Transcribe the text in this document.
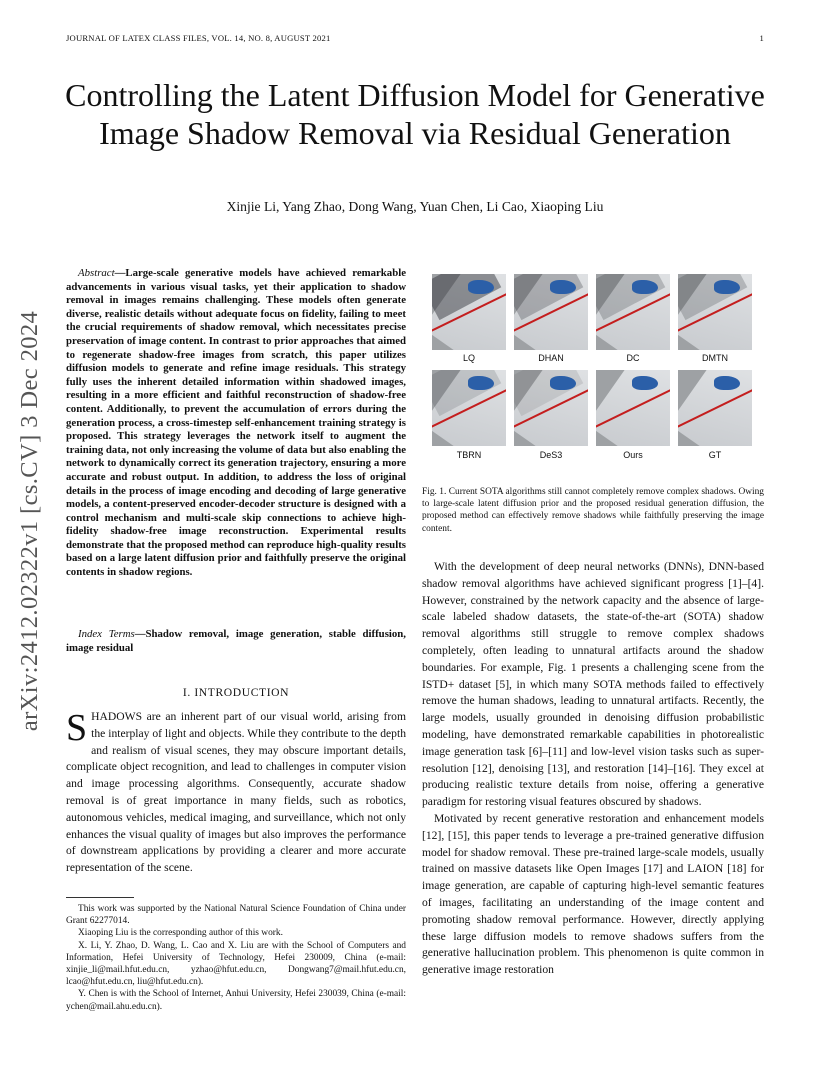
JOURNAL OF LATEX CLASS FILES, VOL. 14, NO. 8, AUGUST 2021	1
arXiv:2412.02322v1 [cs.CV] 3 Dec 2024
Controlling the Latent Diffusion Model for Generative Image Shadow Removal via Residual Generation
Xinjie Li, Yang Zhao, Dong Wang, Yuan Chen, Li Cao, Xiaoping Liu
Abstract—Large-scale generative models have achieved remarkable advancements in various visual tasks, yet their application to shadow removal in images remains challenging. These models often generate diverse, realistic details without adequate focus on fidelity, failing to meet the crucial requirements of shadow removal, which necessitates precise preservation of image content. In contrast to prior approaches that aimed to regenerate shadow-free images from scratch, this paper utilizes diffusion models to generate and refine image residuals. This strategy fully uses the inherent detailed information within shadowed images, resulting in a more efficient and faithful reconstruction of shadow-free content. Additionally, to prevent the accumulation of errors during the generation process, a cross-timestep self-enhancement training strategy is proposed. This strategy leverages the network itself to augment the training data, not only increasing the volume of data but also enabling the network to dynamically correct its generation trajectory, ensuring a more accurate and robust output. In addition, to address the loss of original details in the process of image encoding and decoding of large generative models, a content-preserved encoder-decoder structure is designed with a control mechanism and multi-scale skip connections to achieve high-fidelity shadow-free image reconstruction. Experimental results demonstrate that the proposed method can reproduce high-quality results based on a large latent diffusion prior and faithfully preserve the original contents in shadow regions.
Index Terms—Shadow removal, image generation, stable diffusion, image residual
I. INTRODUCTION
SHADOWS are an inherent part of our visual world, arising from the interplay of light and objects. While they contribute to the depth and realism of visual scenes, they may obscure important details, complicate object recognition, and lead to challenges in computer vision and image processing algorithms. Consequently, accurate shadow removal is of great importance in many fields, such as robotics, autonomous vehicles, medical imaging, and surveillance, which not only enhances the visual quality of images but also improves the performance of downstream applications by providing a clearer and more accurate representation of the scene.

This work was supported by the National Natural Science Foundation of China under Grant 62277014.

Xiaoping Liu is the corresponding author of this work.

X. Li, Y. Zhao, D. Wang, L. Cao and X. Liu are with the School of Computers and Information, Hefei University of Technology, Hefei 230009, China (e-mail: xinjie_li@mail.hfut.edu.cn, yzhao@hfut.edu.cn, Dongwang7@mail.hfut.edu.cn, lcao@hfut.edu.cn, liu@hfut.edu.cn).

Y. Chen is with the School of Internet, Anhui University, Hefei 230039, China (e-mail: ychen@mail.ahu.edu.cn).

LQ	DHAN	DC	DMTN
TBRN	DeS3	Ours	GT
Fig. 1. Current SOTA algorithms still cannot completely remove complex shadows. Owing to large-scale latent diffusion prior and the proposed residual generation diffusion, the proposed method can effectively remove shadows while faithfully preserving the image content.

With the development of deep neural networks (DNNs), DNN-based shadow removal algorithms have achieved significant progress [1]–[4]. However, constrained by the network capacity and the absence of large-scale labeled shadow datasets, the state-of-the-art (SOTA) shadow removal algorithms still struggle to remove complex shadows completely, often leading to unnatural artifacts around the shadow boundaries. For example, Fig. 1 presents a challenging scene from the ISTD+ dataset [5], in which many SOTA methods failed to effectively remove the human shadows, leading to unnatural artifacts. Recently, the large models, usually grounded in denoising diffusion probabilistic modeling, have demonstrated remarkable capabilities in photorealistic image generation task [6]–[11] and low-level vision tasks such as super-resolution [12], denoising [13], and restoration [14]–[16]. They excel at producing realistic texture details from noise, offering a generative paradigm for restoring visual features obscured by shadows.

Motivated by recent generative restoration and enhancement models [12], [15], this paper tends to leverage a pre-trained generative diffusion model for shadow removal. These pre-trained large-scale models, usually trained on massive datasets like Open Images [17] and LAION [18] for image generation, are capable of capturing high-level semantic features of images, facilitating an understanding of the image content and promoting shadow removal performance. However, directly applying these large diffusion models to remove shadows suffers from the generative hallucination problem. This phenomenon is quite common in generative image restoration
